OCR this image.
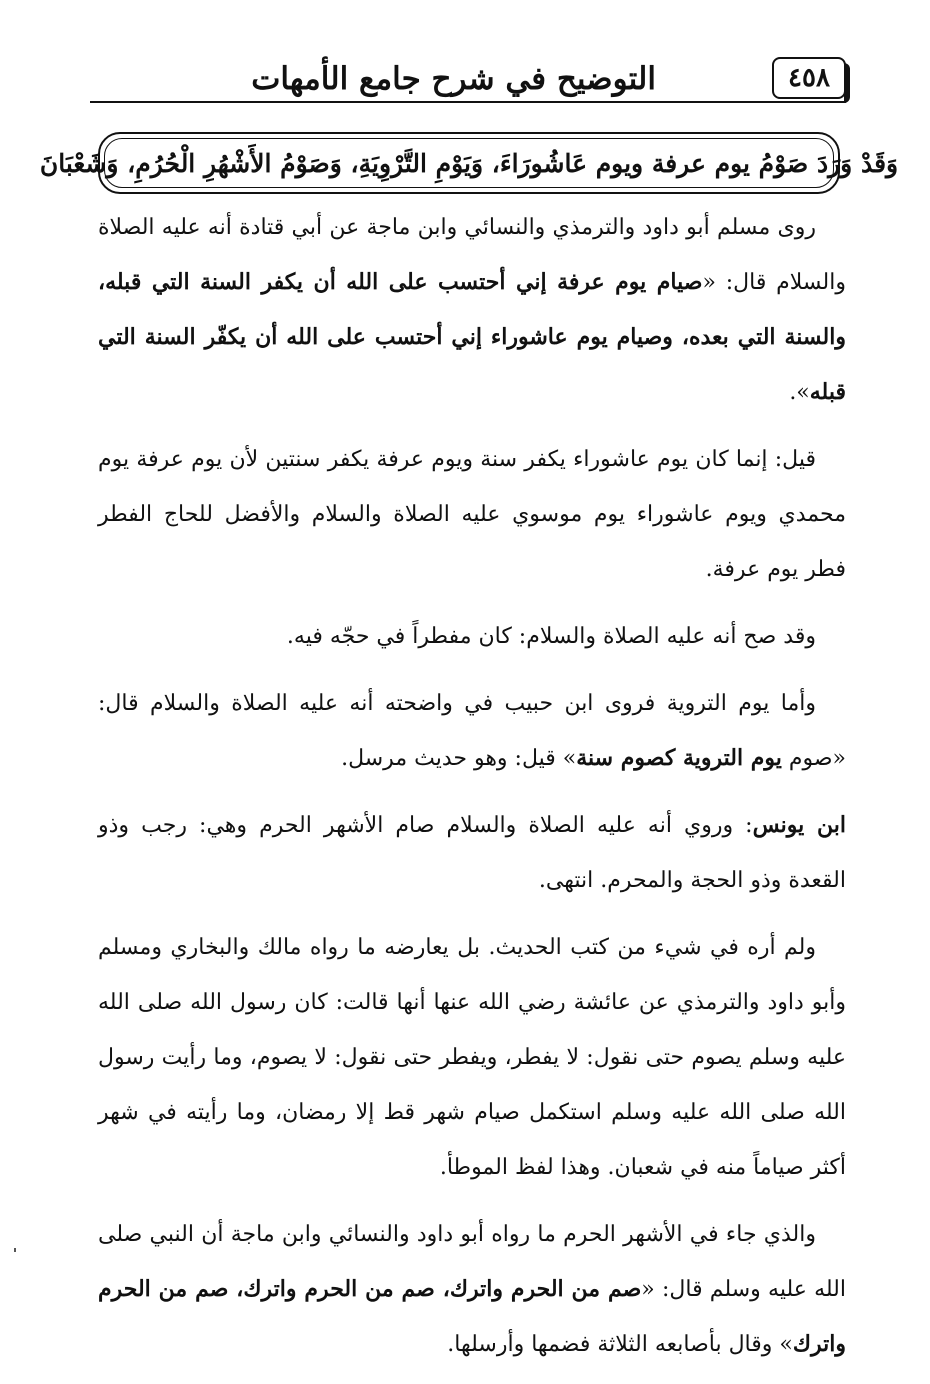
التوضيح في شرح جامع الأمهات	٤٥٨
وَقَدْ وَرَدَ صَوْمُ يوم عرفة ويوم عَاشُورَاءَ، وَيَوْمِ التَّرْوِيَةِ، وَصَوْمُ الأَشْهُرِ الْحُرُمِ، وَشَعْبَانَ

روى مسلم أبو داود والترمذي والنسائي وابن ماجة عن أبي قتادة أنه عليه الصلاة والسلام قال: «صيام يوم عرفة إني أحتسب على الله أن يكفر السنة التي قبله، والسنة التي بعده، وصيام يوم عاشوراء إني أحتسب على الله أن يكفّر السنة التي قبله».

قيل: إنما كان يوم عاشوراء يكفر سنة ويوم عرفة يكفر سنتين لأن يوم عرفة يوم محمدي ويوم عاشوراء يوم موسوي عليه الصلاة والسلام والأفضل للحاج الفطر فطر يوم عرفة.

وقد صح أنه عليه الصلاة والسلام: كان مفطراً في حجّه فيه.

وأما يوم التروية فروى ابن حبيب في واضحته أنه عليه الصلاة والسلام قال: «صوم يوم التروية كصوم سنة» قيل: وهو حديث مرسل.

ابن يونس: وروي أنه عليه الصلاة والسلام صام الأشهر الحرم وهي: رجب وذو القعدة وذو الحجة والمحرم. انتهى.

ولم أره في شيء من كتب الحديث. بل يعارضه ما رواه مالك والبخاري ومسلم وأبو داود والترمذي عن عائشة رضي الله عنها أنها قالت: كان رسول الله صلى الله عليه وسلم يصوم حتى نقول: لا يفطر، ويفطر حتى نقول: لا يصوم، وما رأيت رسول الله صلى الله عليه وسلم استكمل صيام شهر قط إلا رمضان، وما رأيته في شهر أكثر صياماً منه في شعبان. وهذا لفظ الموطأ.

والذي جاء في الأشهر الحرم ما رواه أبو داود والنسائي وابن ماجة أن النبي صلى الله عليه وسلم قال: «صم من الحرم واترك، صم من الحرم واترك، صم من الحرم واترك» وقال بأصابعه الثلاثة فضمها وأرسلها.
